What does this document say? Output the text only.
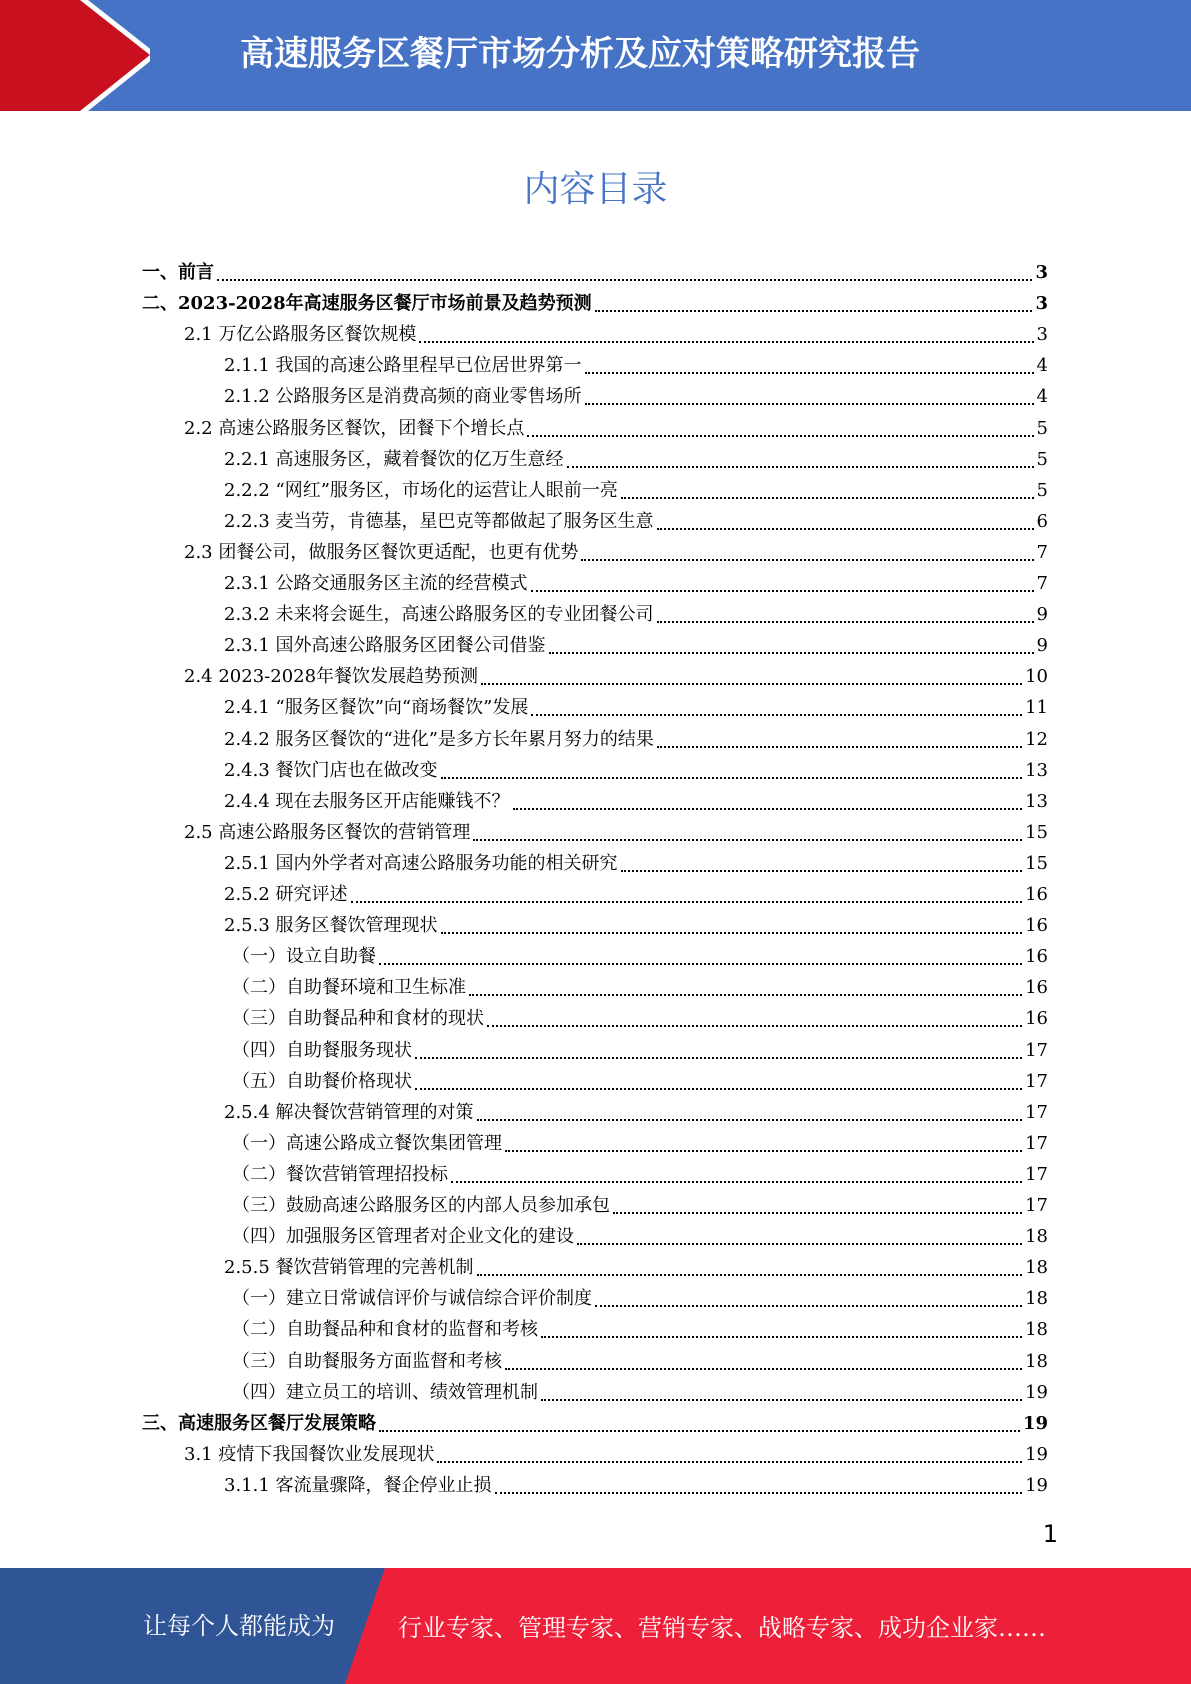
高速服务区餐厅市场分析及应对策略研究报告
内容目录
一、前言	3
二、2023-2028年高速服务区餐厅市场前景及趋势预测	3
2.1 万亿公路服务区餐饮规模	3
2.1.1 我国的高速公路里程早已位居世界第一	4
2.1.2 公路服务区是消费高频的商业零售场所	4
2.2 高速公路服务区餐饮，团餐下个增长点	5
2.2.1 高速服务区，藏着餐饮的亿万生意经	5
2.2.2 “网红”服务区，市场化的运营让人眼前一亮	5
2.2.3 麦当劳，肯德基，星巴克等都做起了服务区生意	6
2.3 团餐公司，做服务区餐饮更适配，也更有优势	7
2.3.1 公路交通服务区主流的经营模式	7
2.3.2 未来将会诞生，高速公路服务区的专业团餐公司	9
2.3.1 国外高速公路服务区团餐公司借鉴	9
2.4 2023-2028年餐饮发展趋势预测	10
2.4.1 “服务区餐饮”向“商场餐饮”发展	11
2.4.2 服务区餐饮的“进化”是多方长年累月努力的结果	12
2.4.3 餐饮门店也在做改变	13
2.4.4 现在去服务区开店能赚钱不？	13
2.5 高速公路服务区餐饮的营销管理	15
2.5.1 国内外学者对高速公路服务功能的相关研究	15
2.5.2 研究评述	16
2.5.3 服务区餐饮管理现状	16
（一）设立自助餐	16
（二）自助餐环境和卫生标准	16
（三）自助餐品种和食材的现状	16
（四）自助餐服务现状	17
（五）自助餐价格现状	17
2.5.4 解决餐饮营销管理的对策	17
（一）高速公路成立餐饮集团管理	17
（二）餐饮营销管理招投标	17
（三）鼓励高速公路服务区的内部人员参加承包	17
（四）加强服务区管理者对企业文化的建设	18
2.5.5 餐饮营销管理的完善机制	18
（一）建立日常诚信评价与诚信综合评价制度	18
（二）自助餐品种和食材的监督和考核	18
（三）自助餐服务方面监督和考核	18
（四）建立员工的培训、绩效管理机制	19
三、高速服务区餐厅发展策略	19
3.1 疫情下我国餐饮业发展现状	19
3.1.1 客流量骤降，餐企停业止损	19
1
让每个人都能成为	行业专家、管理专家、营销专家、战略专家、成功企业家……
